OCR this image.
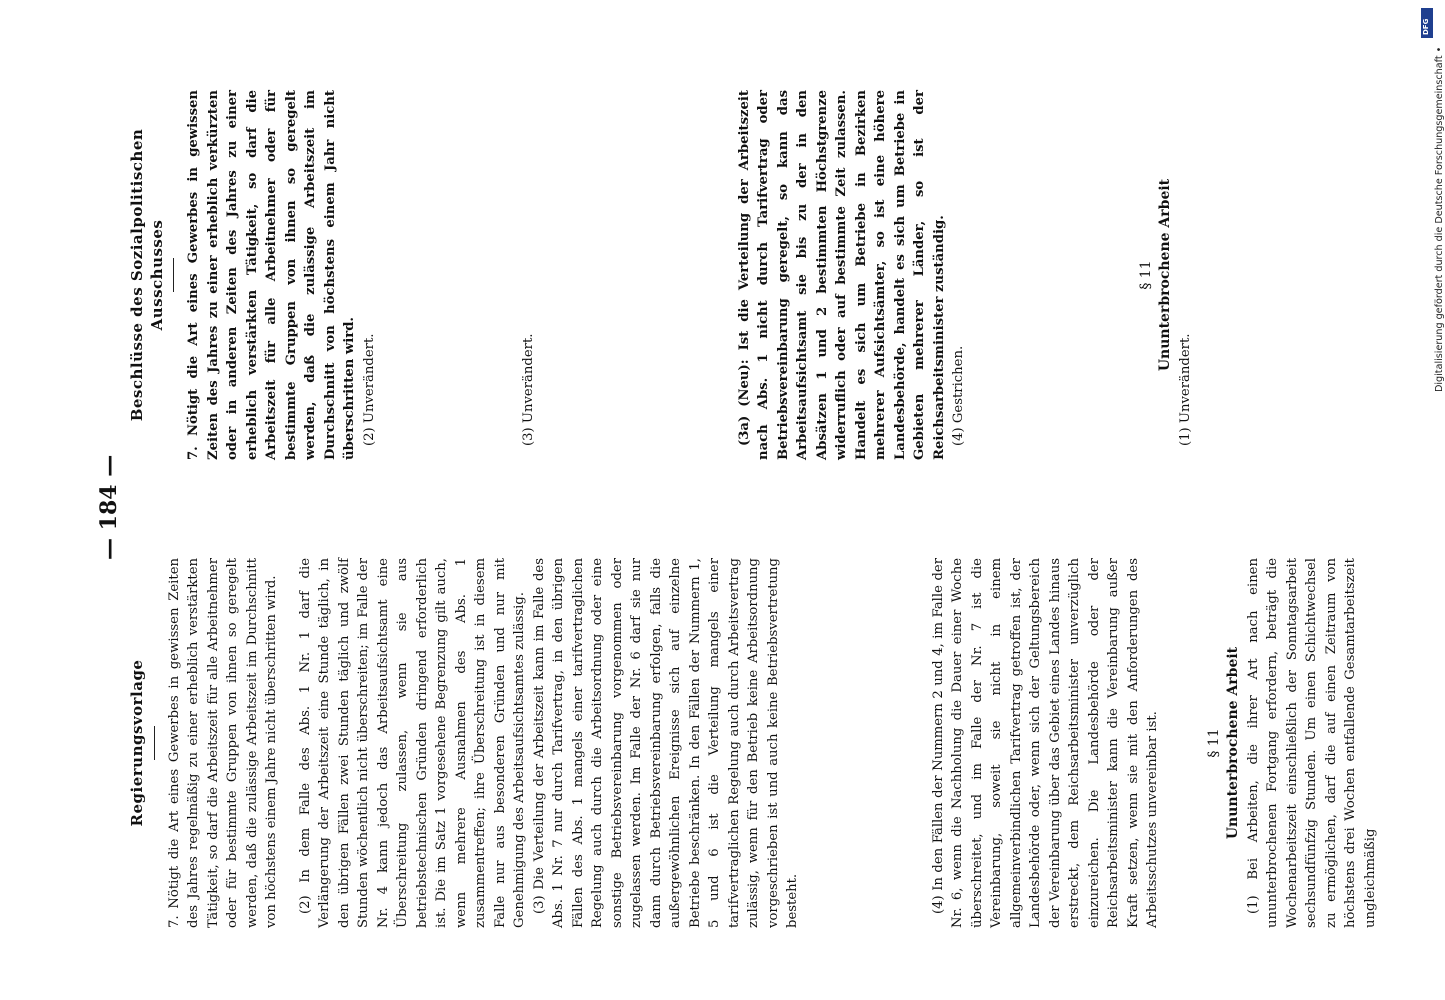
— 184 —
Regierungsvorlage 7. Nötigt die Art eines Gewerbes in gewissen Zeiten des Jahres regelmäßig zu einer erheblich verstärkten Tätigkeit, so darf die Arbeitszeit für alle Arbeitnehmer oder für bestimmte Gruppen von ihnen so geregelt werden, daß die zulässige Arbeitszeit im Durchschnitt von höchstens einem Jahre nicht überschritten wird. (2) In dem Falle des Abs. 1 Nr. 1 darf die Verlängerung der Arbeitszeit eine Stunde täglich, in den übrigen Fällen zwei Stunden täglich und zwölf Stunden wöchentlich nicht überschreiten; im Falle der Nr. 4 kann jedoch das Arbeitsaufsichtsamt eine Überschreitung zulassen, wenn sie aus betriebstechnischen Gründen dringend erforderlich ist. Die im Satz 1 vorgesehene Begrenzung gilt auch, wenn mehrere Ausnahmen des Abs. 1 zusammentreffen; ihre Überschreitung ist in diesem Falle nur aus besonderen Gründen und nur mit Genehmigung des Arbeitsaufsichtsamtes zulässig. (3) Die Verteilung der Arbeitszeit kann im Falle des Abs. 1 Nr. 7 nur durch Tarifvertrag, in den übrigen Fällen des Abs. 1 mangels einer tarifvertraglichen Regelung auch durch die Arbeitsordnung oder eine sonstige Betriebsvereinbarung vorgenommen oder zugelassen werden. Im Falle der Nr. 6 darf sie nur dann durch Betriebsvereinbarung erfolgen, falls die außergewöhnlichen Ereignisse sich auf einzelne Betriebe beschränken. In den Fällen der Nummern 1, 5 und 6 ist die Verteilung mangels einer tarifvertraglichen Regelung auch durch Arbeitsvertrag zulässig, wenn für den Betrieb keine Arbeitsordnung vorgeschrieben ist und auch keine Betriebsvertretung besteht.	(4) In den Fällen der Nummern 2 und 4, im Falle der Nr. 6, wenn die Nachholung die Dauer einer Woche überschreitet, und im Falle der Nr. 7 ist die Vereinbarung, soweit sie nicht in einem allgemeinverbindlichen Tarifvertrag getroffen ist, der Landesbehörde oder, wenn sich der Geltungsbereich der Vereinbarung über das Gebiet eines Landes hinaus erstreckt, dem Reichsarbeitsminister unverzüglich einzureichen. Die Landesbehörde oder der Reichsarbeitsminister kann die Vereinbarung außer Kraft setzen, wenn sie mit den Anforderungen des Arbeitsschutzes unvereinbar ist.	§ 11 Ununterbrochene Arbeit (1) Bei Arbeiten, die ihrer Art nach einen ununterbrochenen Fortgang erfordern, beträgt die Wochenarbeitszeit einschließlich der Sonntagsarbeit sechsundfünfzig Stunden. Um einen Schichtwechsel zu ermöglichen, darf die auf einen Zeitraum von höchstens drei Wochen entfallende Gesamtarbeitszeit ungleichmäßig

Beschlüsse des Sozialpolitischen Ausschusses 7. Nötigt die Art eines Gewerbes in gewissen Zeiten des Jahres zu einer erheblich verkürzten oder in anderen Zeiten des Jahres zu einer erheblich verstärkten Tätigkeit, so darf die Arbeitszeit für alle Arbeitnehmer oder für bestimmte Gruppen von ihnen so geregelt werden, daß die zulässige Arbeitszeit im Durchschnitt von höchstens einem Jahr nicht überschritten wird. (2) Unverändert.	(3) Unverändert.	(3a) (Neu): Ist die Verteilung der Arbeitszeit nach Abs. 1 nicht durch Tarifvertrag oder Betriebsvereinbarung geregelt, so kann das Arbeitsaufsichtsamt sie bis zu der in den Absätzen 1 und 2 bestimmten Höchstgrenze widerruflich oder auf bestimmte Zeit zulassen. Handelt es sich um Betriebe in Bezirken mehrerer Aufsichtsämter, so ist eine höhere Landesbehörde, handelt es sich um Betriebe in Gebieten mehrerer Länder, so ist der Reichsarbeitsminister zuständig. (4) Gestrichen.

§ 11 Ununterbrochene Arbeit

(1) Unverändert.	Digitalisierung gefördert durch die Deutsche Forschungsgemeinschaft •
DFG
